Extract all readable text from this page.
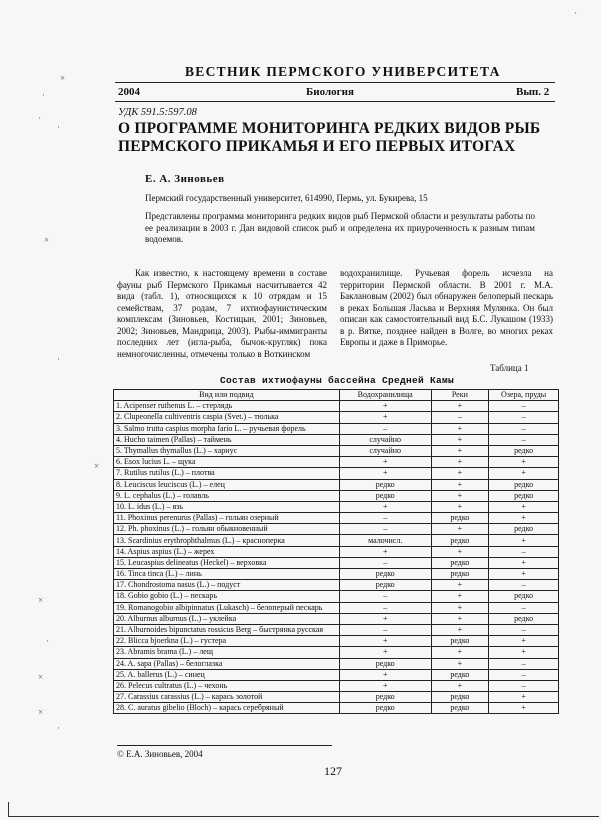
ВЕСТНИК ПЕРМСКОГО УНИВЕРСИТЕТА
2004	Биология	Вып. 2
УДК 591.5:597.08
О ПРОГРАММЕ МОНИТОРИНГА РЕДКИХ ВИДОВ РЫБ
ПЕРМСКОГО ПРИКАМЬЯ И ЕГО ПЕРВЫХ ИТОГАХ
Е. А. Зиновьев
Пермский государственный университет, 614990, Пермь, ул. Букирева, 15
Представлены программа мониторинга редких видов рыб Пермской области и результаты работы по ее реализации в 2003 г. Дан видовой список рыб и определена их приуроченность к разным типам водоемов.

Как известно, к настоящему времени в составе фауны рыб Пермского Прикамья насчитывается 42 вида (табл. 1), относящихся к 10 отрядам и 15 семействам, 37 родам, 7 ихтиофаунистическим комплексам (Зиновьев, Костицын, 2001; Зиновьев, 2002; Зиновьев, Мандрица, 2003). Рыбы-иммигранты последних лет (игла-рыба, бычок-кругляк) пока немногочисленны, отмечены только в Воткинском

водохранилище. Ручьевая форель исчезла на территории Пермской области. В 2001 г. М.А. Баклановым (2002) был обнаружен белоперый пескарь в реках Большая Ласьва и Верхняя Мулянка. Он был описан как самостоятельный вид Б.С. Лукашом (1933) в р. Вятке, позднее найден в Волге, во многих реках Европы и даже в Приморье.

Таблица 1
Состав ихтиофауны бассейна Средней Камы
Вид или подвид	Водохранилища	Реки	Озера, пруды
1. Acipenser ruthenus L. – стерлядь	+	+	–
2. Clupeonella cultiventris caspia (Svet.) – тюлька	+	–	–
3. Salmo trutta caspius morpha fario L. – ручьевая форель	–	+	–
4. Hucho taimen (Pallas) – таймень	случайно	+	–
5. Thymallus thymallus (L.) – хариус	случайно	+	редко
6. Esox lucius L. – щука	+	+	+
7. Rutilus rutilus (L.) – плотва	+	+	+
8. Leuciscus leuciscus (L.) – елец	редко	+	редко
9. L. cephalus (L.) – голавль	редко	+	редко
10. L. idus (L.) – язь	+	+	+
11. Phoxinus perenurus (Pallas) – гольян озерный	–	редко	+
12. Ph. phoxinus (L.) – гольян обыкновенный	–	+	редко
13. Scardinius erythrophthalmus (L.) – красноперка	малочисл.	редко	+
14. Aspius aspius (L.) – жерех	+	+	–
15. Leucaspius delineatus (Heckel) – верховка	–	редко	+
16. Tinca tinca (L.) – линь	редко	редко	+
17. Chondrostoma nasus (L.) – подуст	редко	+	–
18. Gobio gobio (L.) – пескарь	–	+	редко
19. Romanogobio albipinnatus (Lukasch) – белоперый пескарь	–	+	–
20. Alburnus alburnus (L.) – уклейка	+	+	редко
21. Alburnoides bipunctatus rossicus Berg – быстрянка русская	–	+	–
22. Blicca bjoerkna (L.) – густера	+	редко	+
23. Abramis brama (L.) – лещ	+	+	+
24. A. sapa (Pallas) – белоглазка	редко	+	–
25. A. ballerus (L.) – синец	+	редко	–
26. Pelecus cultratus (L.) – чехонь	+	+	–
27. Carassius carassius (L.) – карась золотой	редко	редко	+
28. C. auratus gibelio (Bloch) – карась серебряный	редко	редко	+
© Е.А. Зиновьев, 2004
127
·
·
×
·
·
×
·
×
×
·
×
×
·
